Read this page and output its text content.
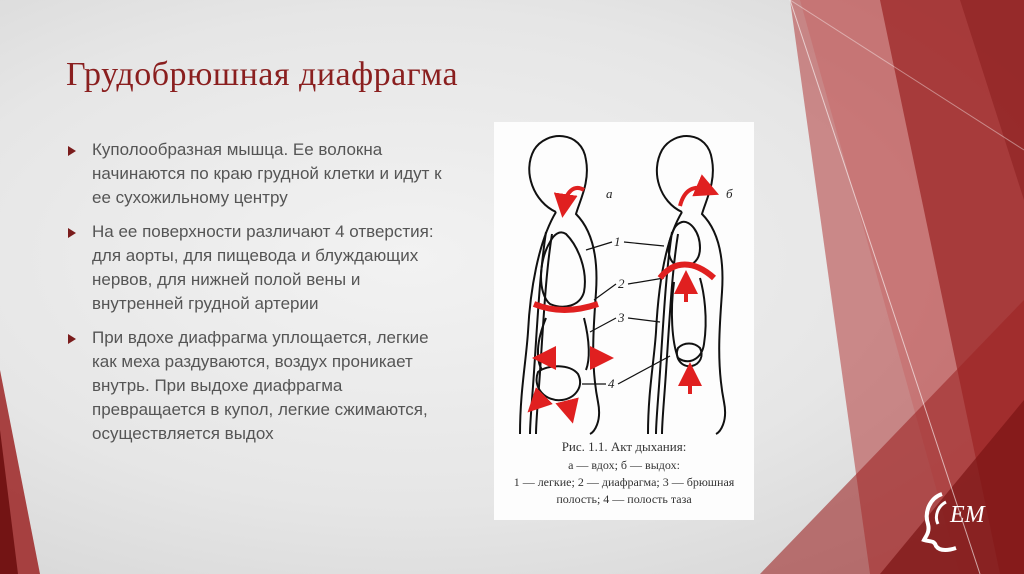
Грудобрюшная диафрагма
Куполообразная мышца. Ее волокна начинаются по краю грудной клетки и идут к ее сухожильному центру
На ее поверхности различают 4 отверстия: для аорты, для пищевода и блуждающих нервов, для нижней полой вены и внутренней грудной артерии
При вдохе диафрагма уплощается, легкие как меха раздуваются, воздух проникает внутрь. При выдохе диафрагма превращается в купол, легкие сжимаются, осуществляется выдох
а	б
1
2
3
4
Рис. 1.1. Акт дыхания:
а — вдох; б — выдох:
1 — легкие; 2 — диафрагма; 3 — брюшная
полость; 4 — полость таза
ЕМ
